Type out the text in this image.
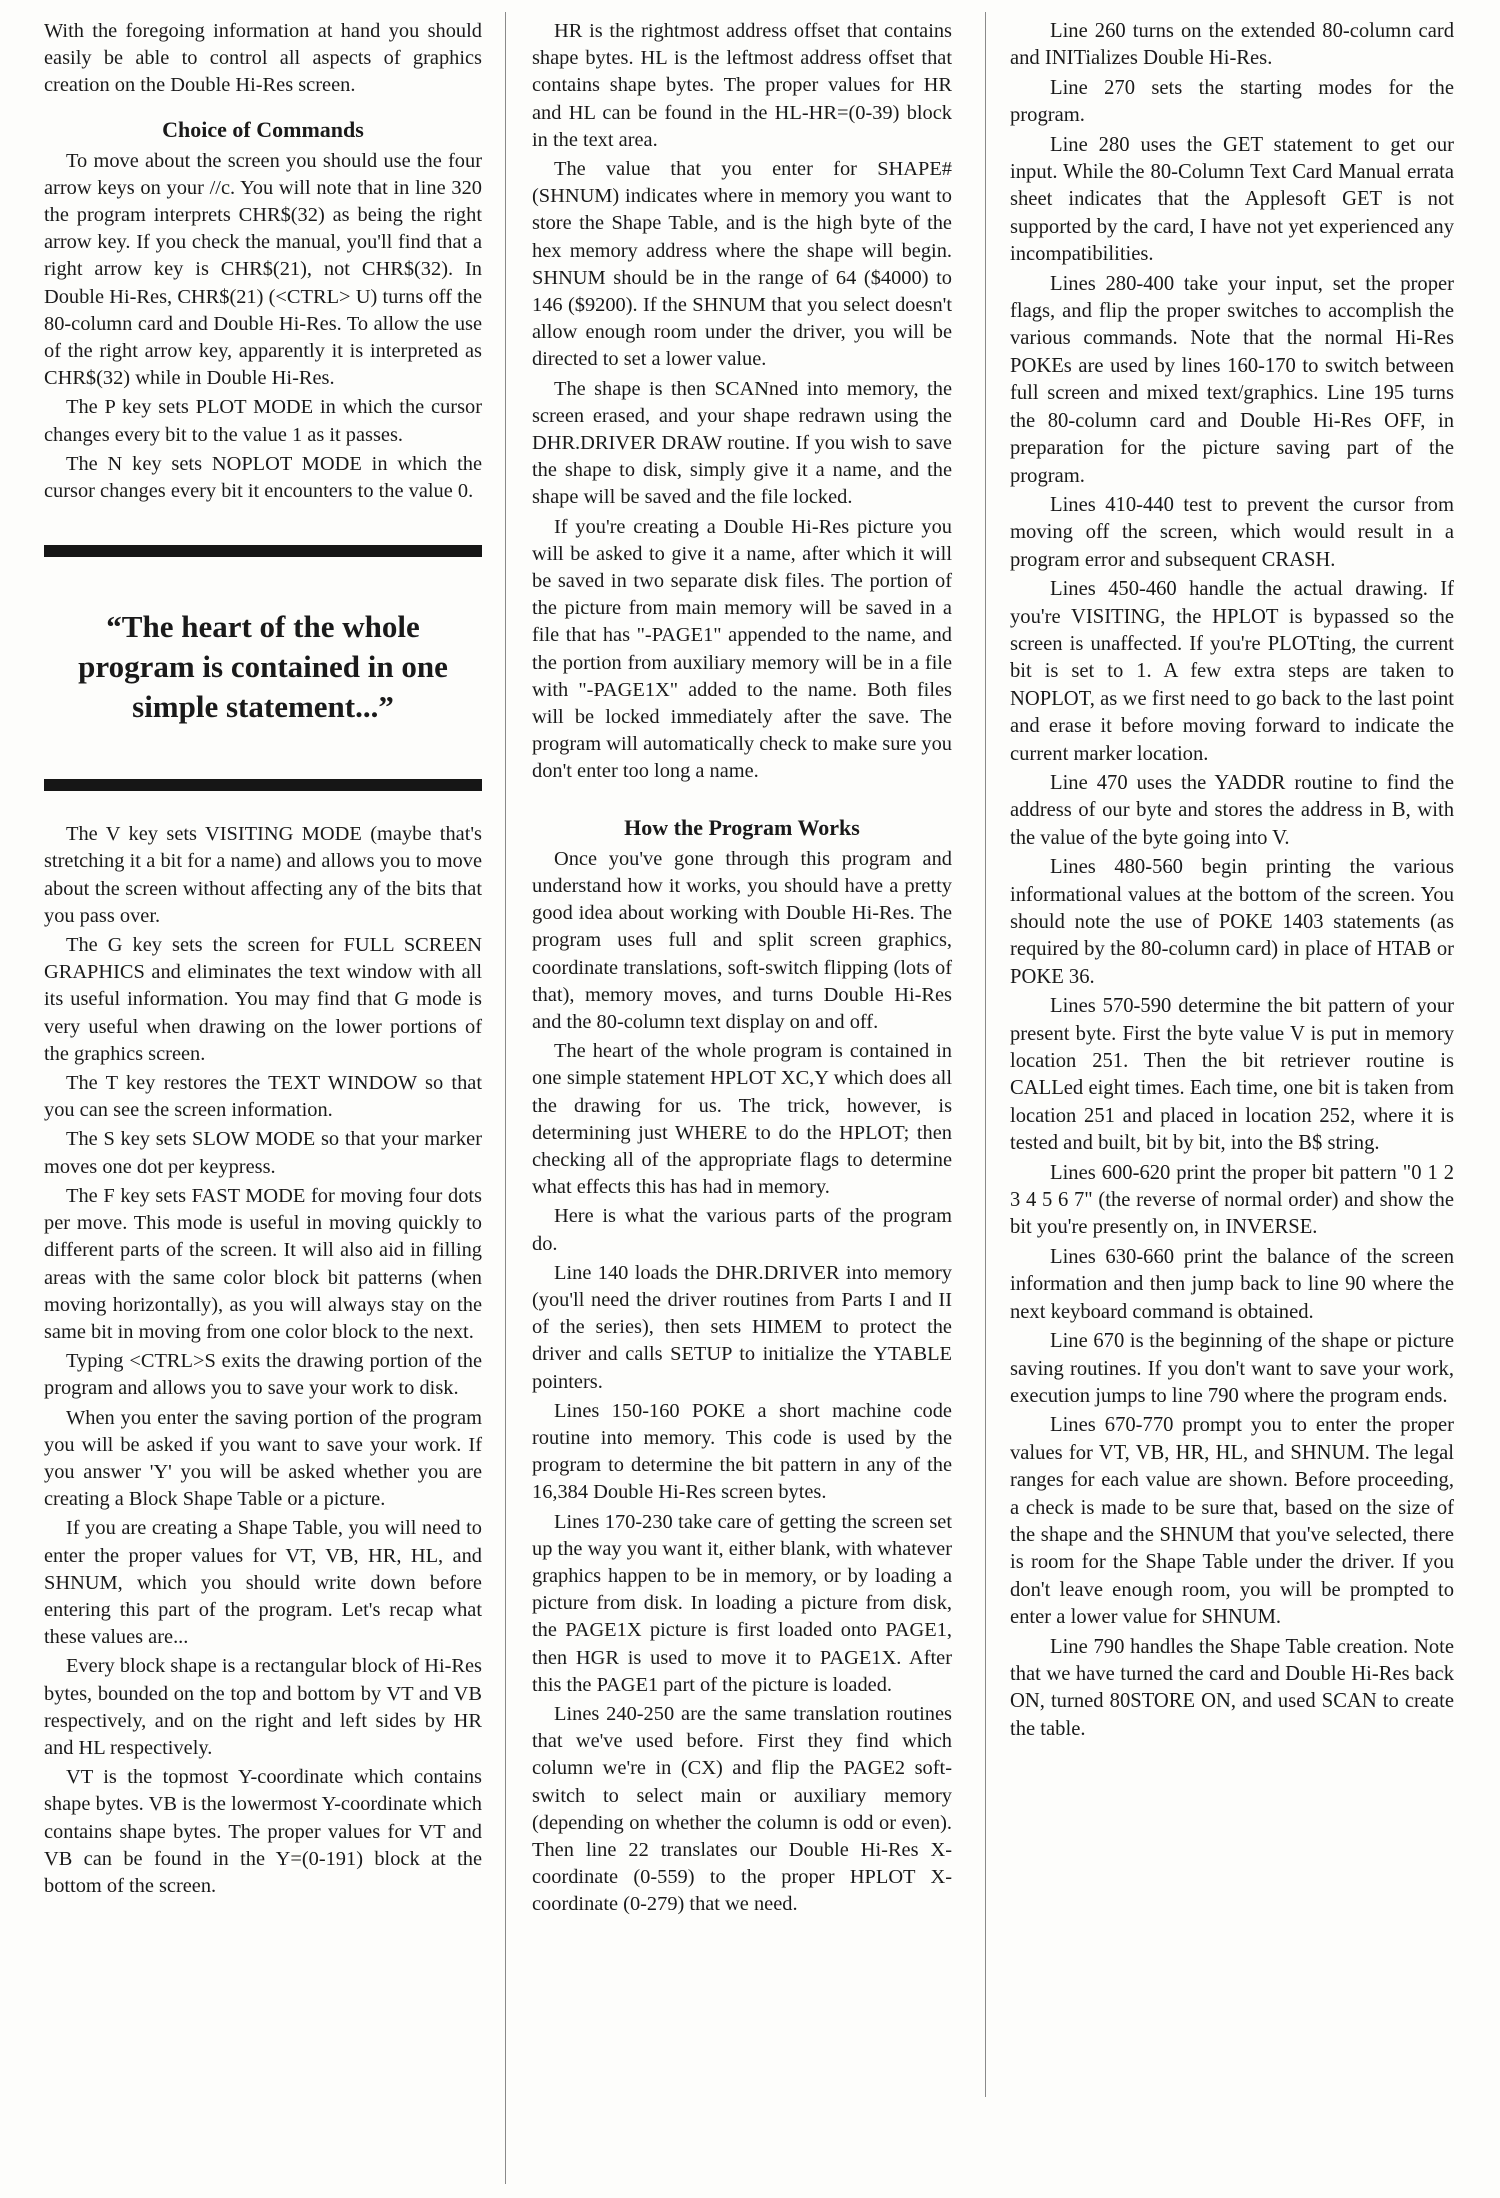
With the foregoing information at hand you should easily be able to control all aspects of graphics creation on the Double Hi-Res screen.

Choice of Commands

To move about the screen you should use the four arrow keys on your //c. You will note that in line 320 the program interprets CHR$(32) as being the right arrow key. If you check the manual, you'll find that a right arrow key is CHR$(21), not CHR$(32). In Double Hi-Res, CHR$(21) (<CTRL> U) turns off the 80-column card and Double Hi-Res. To allow the use of the right arrow key, apparently it is interpreted as CHR$(32) while in Double Hi-Res.

The P key sets PLOT MODE in which the cursor changes every bit to the value 1 as it passes.

The N key sets NOPLOT MODE in which the cursor changes every bit it encounters to the value 0.

“The heart of the whole program is contained in one simple statement...”

The V key sets VISITING MODE (maybe that's stretching it a bit for a name) and allows you to move about the screen without affecting any of the bits that you pass over.

The G key sets the screen for FULL SCREEN GRAPHICS and eliminates the text window with all its useful information. You may find that G mode is very useful when drawing on the lower portions of the graphics screen.

The T key restores the TEXT WINDOW so that you can see the screen information.

The S key sets SLOW MODE so that your marker moves one dot per keypress.

The F key sets FAST MODE for moving four dots per move. This mode is useful in moving quickly to different parts of the screen. It will also aid in filling areas with the same color block bit patterns (when moving horizontally), as you will always stay on the same bit in moving from one color block to the next.

Typing <CTRL>S exits the drawing portion of the program and allows you to save your work to disk.

When you enter the saving portion of the program you will be asked if you want to save your work. If you answer 'Y' you will be asked whether you are creating a Block Shape Table or a picture.

If you are creating a Shape Table, you will need to enter the proper values for VT, VB, HR, HL, and SHNUM, which you should write down before entering this part of the program. Let's recap what these values are...

Every block shape is a rectangular block of Hi-Res bytes, bounded on the top and bottom by VT and VB respectively, and on the right and left sides by HR and HL respectively.

VT is the topmost Y-coordinate which contains shape bytes. VB is the lowermost Y-coordinate which contains shape bytes. The proper values for VT and VB can be found in the Y=(0-191) block at the bottom of the screen.

HR is the rightmost address offset that contains shape bytes. HL is the leftmost address offset that contains shape bytes. The proper values for HR and HL can be found in the HL-HR=(0-39) block in the text area.

The value that you enter for SHAPE# (SHNUM) indicates where in memory you want to store the Shape Table, and is the high byte of the hex memory address where the shape will begin. SHNUM should be in the range of 64 ($4000) to 146 ($9200). If the SHNUM that you select doesn't allow enough room under the driver, you will be directed to set a lower value.

The shape is then SCANned into memory, the screen erased, and your shape redrawn using the DHR.DRIVER DRAW routine. If you wish to save the shape to disk, simply give it a name, and the shape will be saved and the file locked.

If you're creating a Double Hi-Res picture you will be asked to give it a name, after which it will be saved in two separate disk files. The portion of the picture from main memory will be saved in a file that has "-PAGE1" appended to the name, and the portion from auxiliary memory will be in a file with "-PAGE1X" added to the name. Both files will be locked immediately after the save. The program will automatically check to make sure you don't enter too long a name.

How the Program Works

Once you've gone through this program and understand how it works, you should have a pretty good idea about working with Double Hi-Res. The program uses full and split screen graphics, coordinate translations, soft-switch flipping (lots of that), memory moves, and turns Double Hi-Res and the 80-column text display on and off.

The heart of the whole program is contained in one simple statement HPLOT XC,Y which does all the drawing for us. The trick, however, is determining just WHERE to do the HPLOT; then checking all of the appropriate flags to determine what effects this has had in memory.

Here is what the various parts of the program do.

Line 140 loads the DHR.DRIVER into memory (you'll need the driver routines from Parts I and II of the series), then sets HIMEM to protect the driver and calls SETUP to initialize the YTABLE pointers.

Lines 150-160 POKE a short machine code routine into memory. This code is used by the program to determine the bit pattern in any of the 16,384 Double Hi-Res screen bytes.

Lines 170-230 take care of getting the screen set up the way you want it, either blank, with whatever graphics happen to be in memory, or by loading a picture from disk. In loading a picture from disk, the PAGE1X picture is first loaded onto PAGE1, then HGR is used to move it to PAGE1X. After this the PAGE1 part of the picture is loaded.

Lines 240-250 are the same translation routines that we've used before. First they find which column we're in (CX) and flip the PAGE2 soft-switch to select main or auxiliary memory (depending on whether the column is odd or even). Then line 22 translates our Double Hi-Res X-coordinate (0-559) to the proper HPLOT X-coordinate (0-279) that we need.

Line 260 turns on the extended 80-column card and INITializes Double Hi-Res.

Line 270 sets the starting modes for the program.

Line 280 uses the GET statement to get our input. While the 80-Column Text Card Manual errata sheet indicates that the Applesoft GET is not supported by the card, I have not yet experienced any incompatibilities.

Lines 280-400 take your input, set the proper flags, and flip the proper switches to accomplish the various commands. Note that the normal Hi-Res POKEs are used by lines 160-170 to switch between full screen and mixed text/graphics. Line 195 turns the 80-column card and Double Hi-Res OFF, in preparation for the picture saving part of the program.

Lines 410-440 test to prevent the cursor from moving off the screen, which would result in a program error and subsequent CRASH.

Lines 450-460 handle the actual drawing. If you're VISITING, the HPLOT is bypassed so the screen is unaffected. If you're PLOTting, the current bit is set to 1. A few extra steps are taken to NOPLOT, as we first need to go back to the last point and erase it before moving forward to indicate the current marker location.

Line 470 uses the YADDR routine to find the address of our byte and stores the address in B, with the value of the byte going into V.

Lines 480-560 begin printing the various informational values at the bottom of the screen. You should note the use of POKE 1403 statements (as required by the 80-column card) in place of HTAB or POKE 36.

Lines 570-590 determine the bit pattern of your present byte. First the byte value V is put in memory location 251. Then the bit retriever routine is CALLed eight times. Each time, one bit is taken from location 251 and placed in location 252, where it is tested and built, bit by bit, into the B$ string.

Lines 600-620 print the proper bit pattern "0 1 2 3 4 5 6 7" (the reverse of normal order) and show the bit you're presently on, in INVERSE.

Lines 630-660 print the balance of the screen information and then jump back to line 90 where the next keyboard command is obtained.

Line 670 is the beginning of the shape or picture saving routines. If you don't want to save your work, execution jumps to line 790 where the program ends.

Lines 670-770 prompt you to enter the proper values for VT, VB, HR, HL, and SHNUM. The legal ranges for each value are shown. Before proceeding, a check is made to be sure that, based on the size of the shape and the SHNUM that you've selected, there is room for the Shape Table under the driver. If you don't leave enough room, you will be prompted to enter a lower value for SHNUM.

Line 790 handles the Shape Table creation. Note that we have turned the card and Double Hi-Res back ON, turned 80STORE ON, and used SCAN to create the table.
